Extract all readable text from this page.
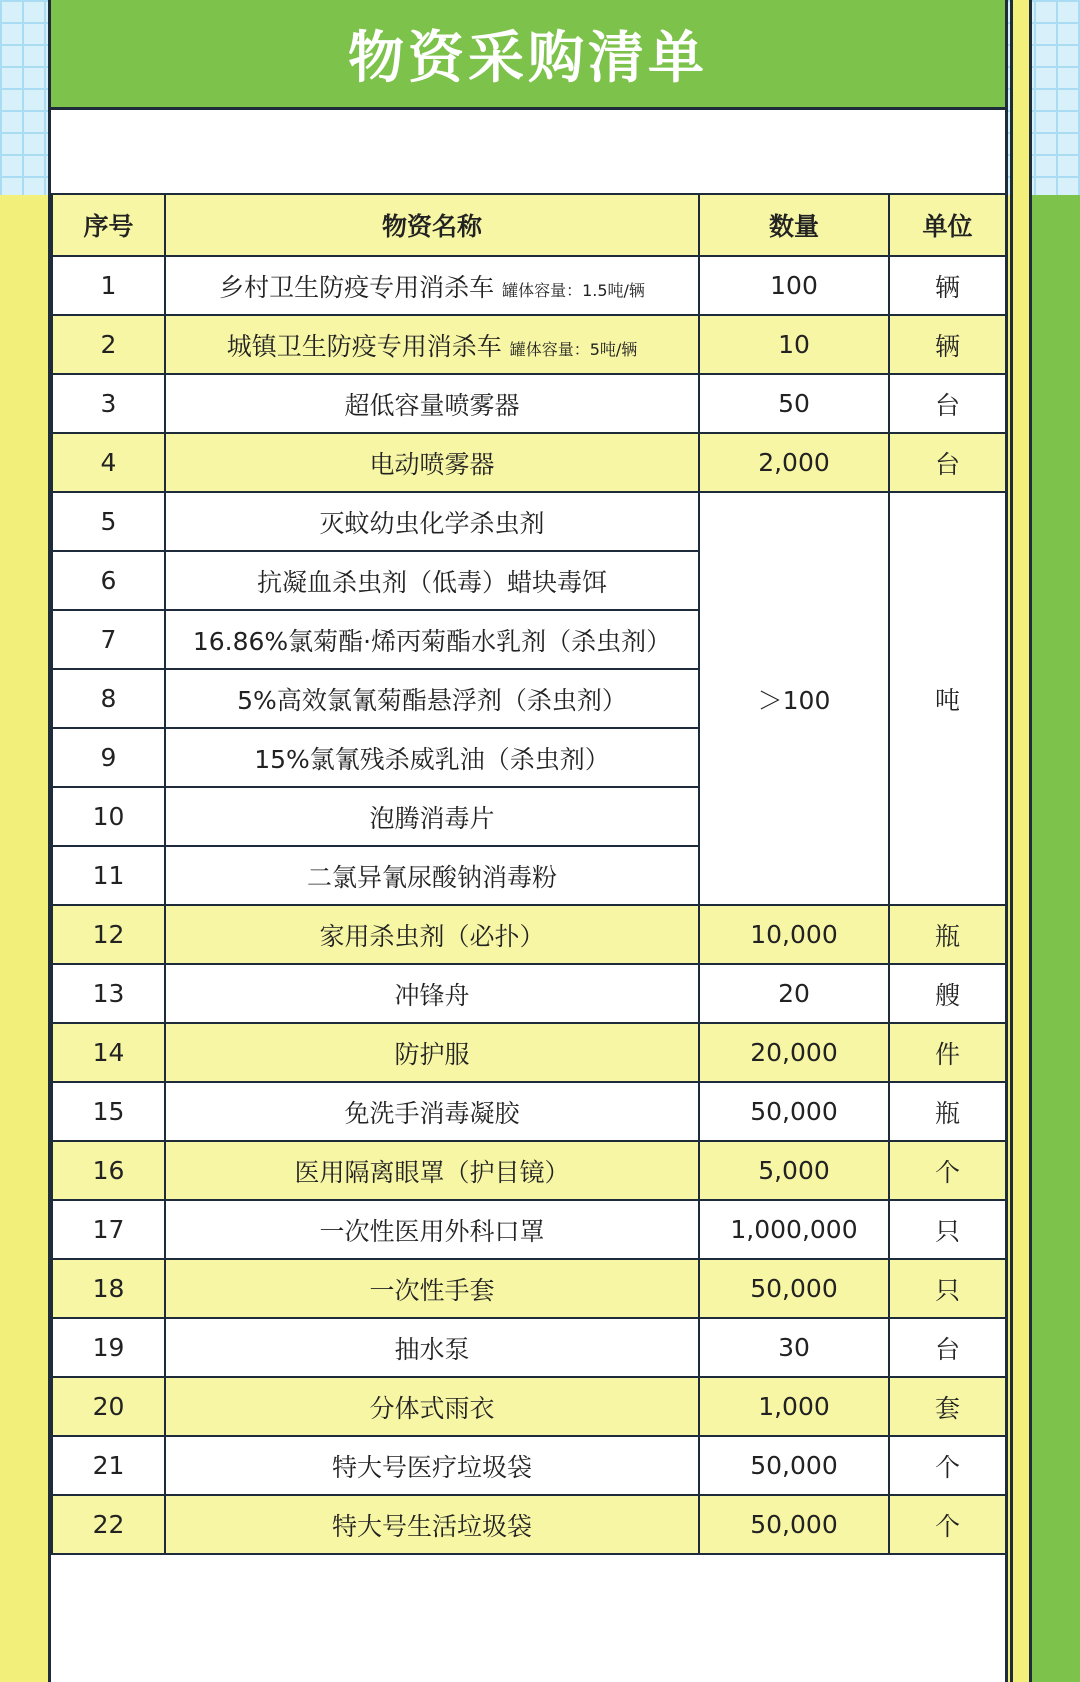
物资采购清单
序号	物资名称	数量	单位
1	乡村卫生防疫专用消杀车 罐体容量：1.5吨/辆	100	辆
2	城镇卫生防疫专用消杀车 罐体容量：5吨/辆	10	辆
3	超低容量喷雾器	50	台
4	电动喷雾器	2,000	台
5	灭蚊幼虫化学杀虫剂	＞100	吨
6	抗凝血杀虫剂（低毒）蜡块毒饵		
7	16.86%氯菊酯·烯丙菊酯水乳剂（杀虫剂）		
8	5%高效氯氰菊酯悬浮剂（杀虫剂）		
9	15%氯氰残杀威乳油（杀虫剂）		
10	泡腾消毒片		
11	二氯异氰尿酸钠消毒粉		
12	家用杀虫剂（必扑）	10,000	瓶
13	冲锋舟	20	艘
14	防护服	20,000	件
15	免洗手消毒凝胶	50,000	瓶
16	医用隔离眼罩（护目镜）	5,000	个
17	一次性医用外科口罩	1,000,000	只
18	一次性手套	50,000	只
19	抽水泵	30	台
20	分体式雨衣	1,000	套
21	特大号医疗垃圾袋	50,000	个
22	特大号生活垃圾袋	50,000	个
